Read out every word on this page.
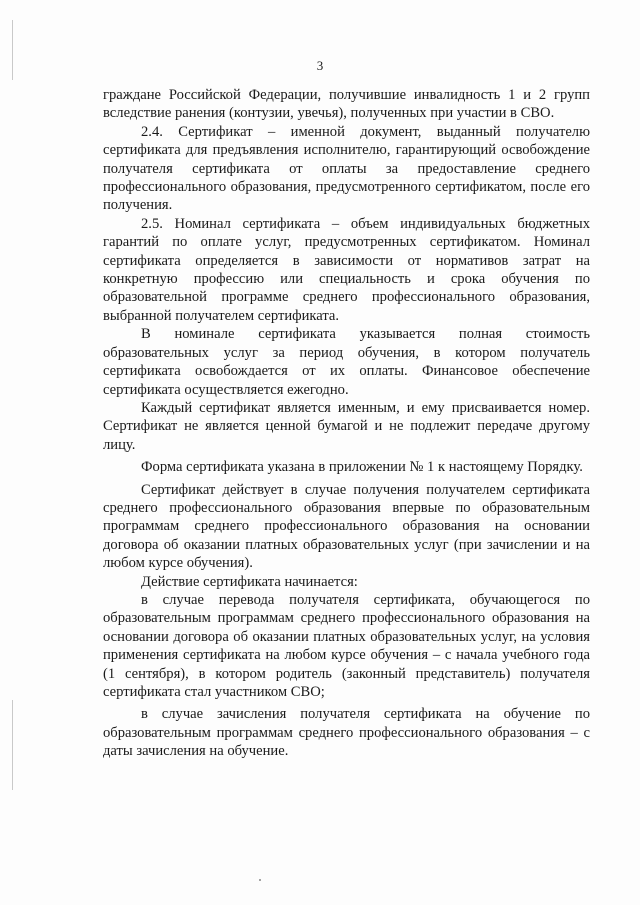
3

граждане Российской Федерации, получившие инвалидность 1 и 2 групп вследствие ранения (контузии, увечья), полученных при участии в СВО.

2.4. Сертификат – именной документ, выданный получателю сертификата для предъявления исполнителю, гарантирующий освобождение получателя сертификата от оплаты за предоставление среднего профессионального образования, предусмотренного сертификатом, после его получения.

2.5. Номинал сертификата – объем индивидуальных бюджетных гарантий по оплате услуг, предусмотренных сертификатом. Номинал сертификата определяется в зависимости от нормативов затрат на конкретную профессию или специальность и срока обучения по образовательной программе среднего профессионального образования, выбранной получателем сертификата.

В номинале сертификата указывается полная стоимость образовательных услуг за период обучения, в котором получатель сертификата освобождается от их оплаты. Финансовое обеспечение сертификата осуществляется ежегодно.

Каждый сертификат является именным, и ему присваивается номер. Сертификат не является ценной бумагой и не подлежит передаче другому лицу.

Форма сертификата указана в приложении № 1 к настоящему Порядку.

Сертификат действует в случае получения получателем сертификата среднего профессионального образования впервые по образовательным программам среднего профессионального образования на основании договора об оказании платных образовательных услуг (при зачислении и на любом курсе обучения).

Действие сертификата начинается:

в случае перевода получателя сертификата, обучающегося по образовательным программам среднего профессионального образования на основании договора об оказании платных образовательных услуг, на условия применения сертификата на любом курсе обучения – с начала учебного года (1 сентября), в котором родитель (законный представитель) получателя сертификата стал участником СВО;

в случае зачисления получателя сертификата на обучение по образовательным программам среднего профессионального образования – с даты зачисления на обучение.
